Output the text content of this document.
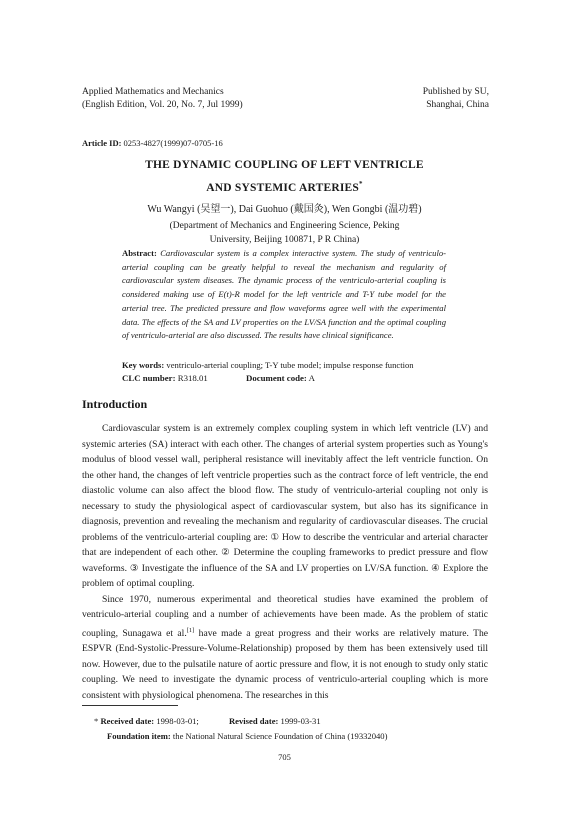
Applied Mathematics and Mechanics
(English Edition, Vol. 20, No. 7, Jul 1999)
Published by SU,
Shanghai, China
Article ID: 0253-4827(1999)07-0705-16
THE DYNAMIC COUPLING OF LEFT VENTRICLE
AND SYSTEMIC ARTERIES*
Wu Wangyi (吴望一), Dai Guohuo (戴国灸), Wen Gongbi (温功碧)
(Department of Mechanics and Engineering Science, Peking
University, Beijing 100871, P R China)
Abstract: Cardiovascular system is a complex interactive system. The study of ventriculo-arterial coupling can be greatly helpful to reveal the mechanism and regularity of cardiovascular system diseases. The dynamic process of the ventriculo-arterial coupling is considered making use of E(t)-R model for the left ventricle and T-Y tube model for the arterial tree. The predicted pressure and flow waveforms agree well with the experimental data. The effects of the SA and LV properties on the LV/SA function and the optimal coupling of ventriculo-arterial are also discussed. The results have clinical significance.
Key words: ventriculo-arterial coupling; T-Y tube model; impulse response function
CLC number: R318.01	Document code: A
Introduction

Cardiovascular system is an extremely complex coupling system in which left ventricle (LV) and systemic arteries (SA) interact with each other. The changes of arterial system properties such as Young's modulus of blood vessel wall, peripheral resistance will inevitably affect the left ventricle function. On the other hand, the changes of left ventricle properties such as the contract force of left ventricle, the end diastolic volume can also affect the blood flow. The study of ventriculo-arterial coupling not only is necessary to study the physiological aspect of cardiovascular system, but also has its significance in diagnosis, prevention and revealing the mechanism and regularity of cardiovascular diseases. The crucial problems of the ventriculo-arterial coupling are: ① How to describe the ventricular and arterial character that are independent of each other. ② Determine the coupling frameworks to predict pressure and flow waveforms. ③ Investigate the influence of the SA and LV properties on LV/SA function. ④ Explore the problem of optimal coupling.

Since 1970, numerous experimental and theoretical studies have examined the problem of ventriculo-arterial coupling and a number of achievements have been made. As the problem of static coupling, Sunagawa et al.[1] have made a great progress and their works are relatively mature. The ESPVR (End-Systolic-Pressure-Volume-Relationship) proposed by them has been extensively used till now. However, due to the pulsatile nature of aortic pressure and flow, it is not enough to study only static coupling. We need to investigate the dynamic process of ventriculo-arterial coupling which is more consistent with physiological phenomena. The researches in this

* Received date: 1998-03-01;	Revised date: 1999-03-31
Foundation item: the National Natural Science Foundation of China (19332040)
705
